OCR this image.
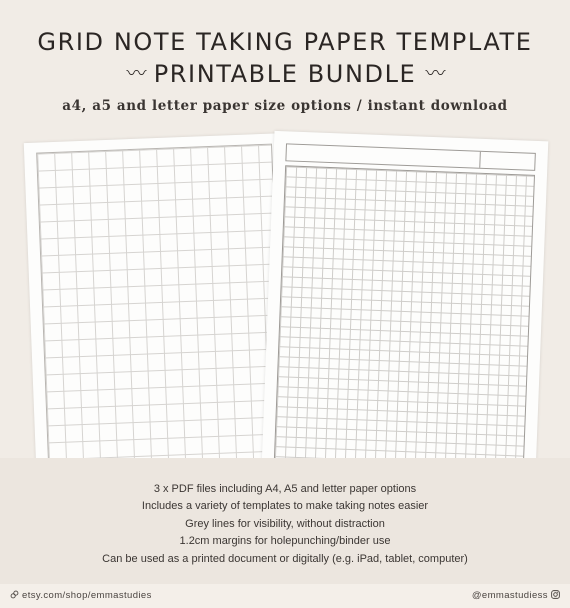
GRID NOTE TAKING PAPER TEMPLATE
〰 PRINTABLE BUNDLE 〰
a4, a5 and letter paper size options / instant download
3 x PDF files including A4, A5 and letter paper options
Includes a variety of templates to make taking notes easier
Grey lines for visibility, without distraction
1.2cm margins for holepunching/binder use
Can be used as a printed document or digitally (e.g. iPad, tablet, computer)
etsy.com/shop/emmastudies	@emmastudiess
